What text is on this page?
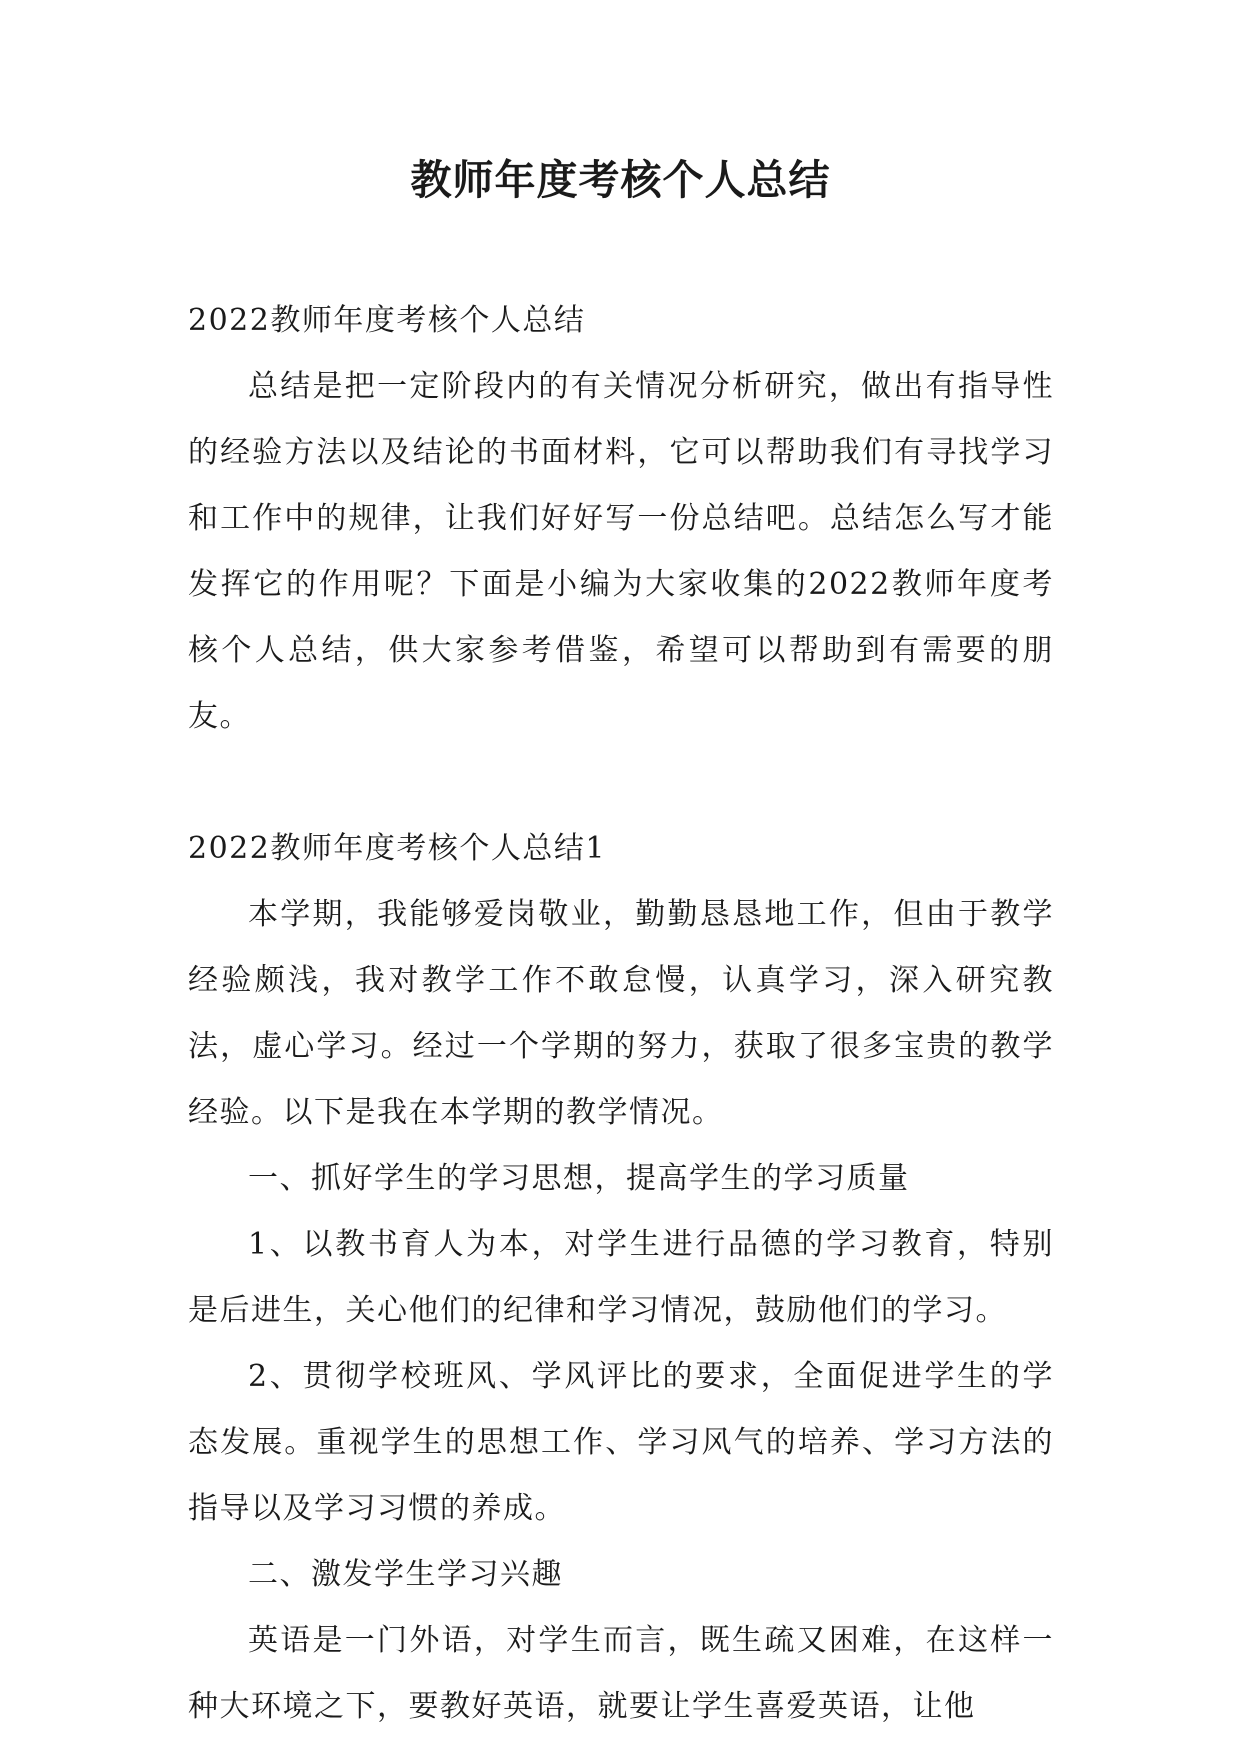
教师年度考核个人总结

2022教师年度考核个人总结

总结是把一定阶段内的有关情况分析研究，做出有指导性的经验方法以及结论的书面材料，它可以帮助我们有寻找学习和工作中的规律，让我们好好写一份总结吧。总结怎么写才能发挥它的作用呢？下面是小编为大家收集的2022教师年度考核个人总结，供大家参考借鉴，希望可以帮助到有需要的朋友。

2022教师年度考核个人总结1

本学期，我能够爱岗敬业，勤勤恳恳地工作，但由于教学经验颇浅，我对教学工作不敢怠慢，认真学习，深入研究教法，虚心学习。经过一个学期的努力，获取了很多宝贵的教学经验。以下是我在本学期的教学情况。

一、抓好学生的学习思想，提高学生的学习质量

1、以教书育人为本，对学生进行品德的学习教育，特别是后进生，关心他们的纪律和学习情况，鼓励他们的学习。

2、贯彻学校班风、学风评比的要求，全面促进学生的学态发展。重视学生的思想工作、学习风气的培养、学习方法的指导以及学习习惯的养成。

二、激发学生学习兴趣

英语是一门外语，对学生而言，既生疏又困难，在这样一种大环境之下，要教好英语，就要让学生喜爱英语，让他
